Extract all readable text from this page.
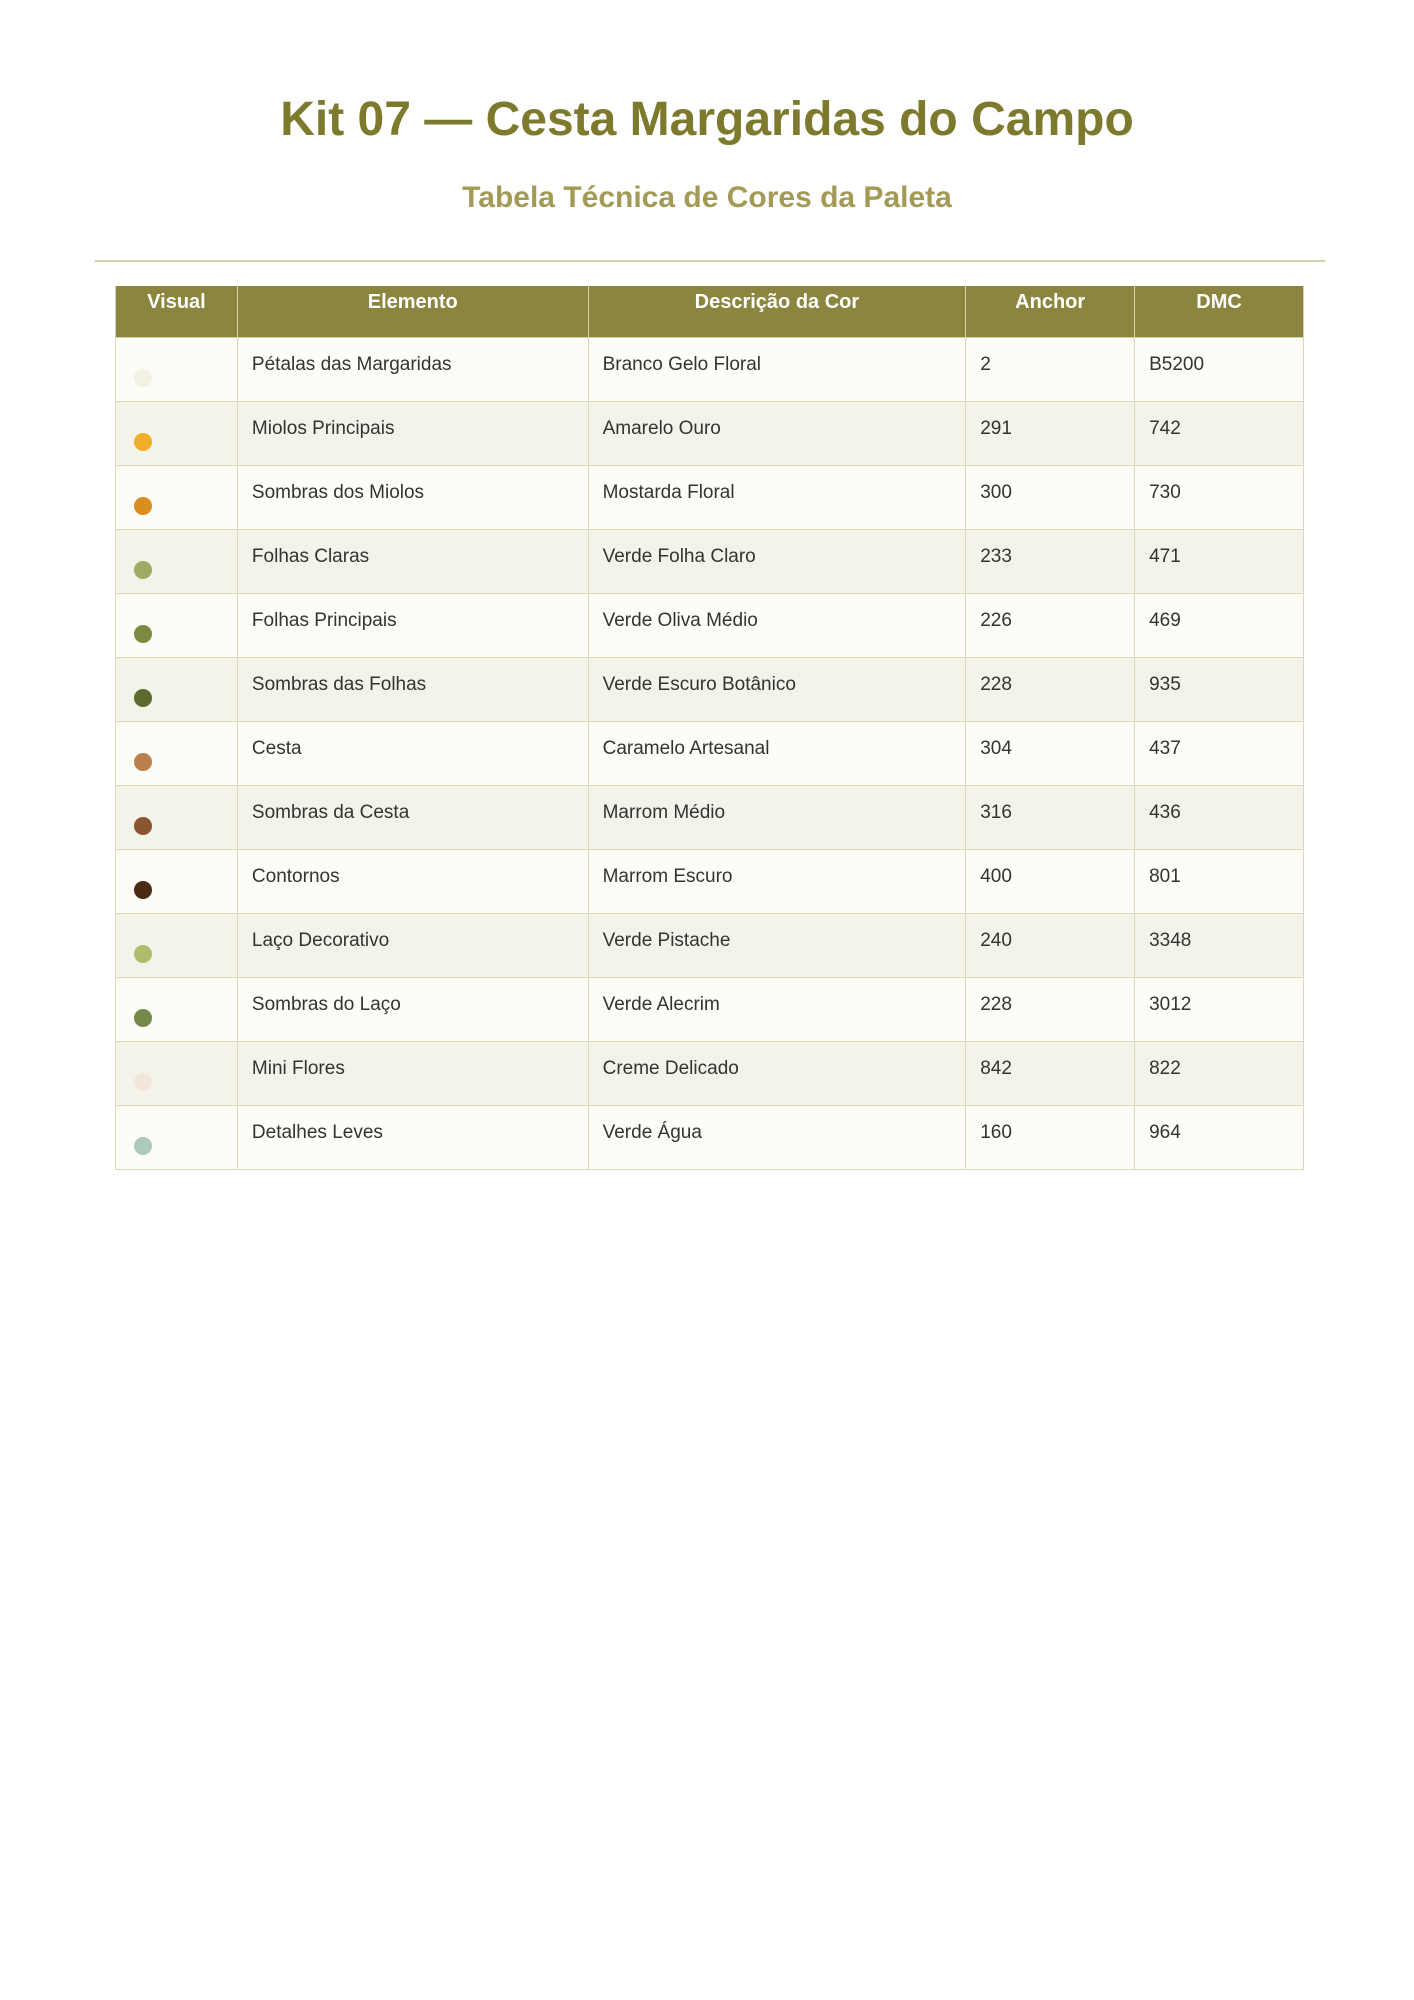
Kit 07 — Cesta Margaridas do Campo
Tabela Técnica de Cores da Paleta
Visual	Elemento	Descrição da Cor	Anchor	DMC

	Pétalas das Margaridas	Branco Gelo Floral	2	B5200

	Miolos Principais	Amarelo Ouro	291	742

	Sombras dos Miolos	Mostarda Floral	300	730

	Folhas Claras	Verde Folha Claro	233	471

	Folhas Principais	Verde Oliva Médio	226	469

	Sombras das Folhas	Verde Escuro Botânico	228	935

	Cesta	Caramelo Artesanal	304	437

	Sombras da Cesta	Marrom Médio	316	436

	Contornos	Marrom Escuro	400	801

	Laço Decorativo	Verde Pistache	240	3348

	Sombras do Laço	Verde Alecrim	228	3012

	Mini Flores	Creme Delicado	842	822

	Detalhes Leves	Verde Água	160	964
